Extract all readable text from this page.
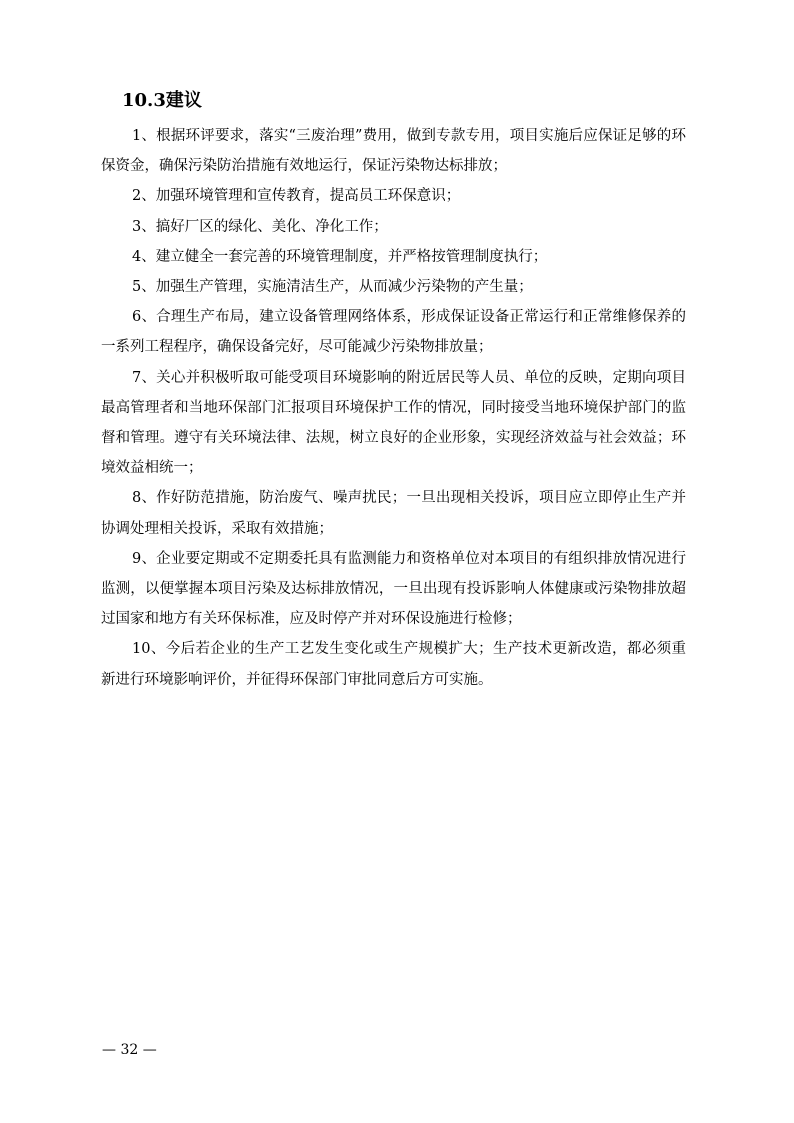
10.3建议

1、根据环评要求，落实“三废治理”费用，做到专款专用，项目实施后应保证足够的环保资金，确保污染防治措施有效地运行，保证污染物达标排放；

2、加强环境管理和宣传教育，提高员工环保意识；

3、搞好厂区的绿化、美化、净化工作；

4、建立健全一套完善的环境管理制度，并严格按管理制度执行；

5、加强生产管理，实施清洁生产，从而减少污染物的产生量；

6、合理生产布局，建立设备管理网络体系，形成保证设备正常运行和正常维修保养的一系列工程程序，确保设备完好，尽可能减少污染物排放量；

7、关心并积极听取可能受项目环境影响的附近居民等人员、单位的反映，定期向项目最高管理者和当地环保部门汇报项目环境保护工作的情况，同时接受当地环境保护部门的监督和管理。遵守有关环境法律、法规，树立良好的企业形象，实现经济效益与社会效益；环境效益相统一；

8、作好防范措施，防治废气、噪声扰民；一旦出现相关投诉，项目应立即停止生产并协调处理相关投诉，采取有效措施；

9、企业要定期或不定期委托具有监测能力和资格单位对本项目的有组织排放情况进行监测，以便掌握本项目污染及达标排放情况，一旦出现有投诉影响人体健康或污染物排放超过国家和地方有关环保标准，应及时停产并对环保设施进行检修；

10、今后若企业的生产工艺发生变化或生产规模扩大；生产技术更新改造，都必须重新进行环境影响评价，并征得环保部门审批同意后方可实施。

— 32 —
